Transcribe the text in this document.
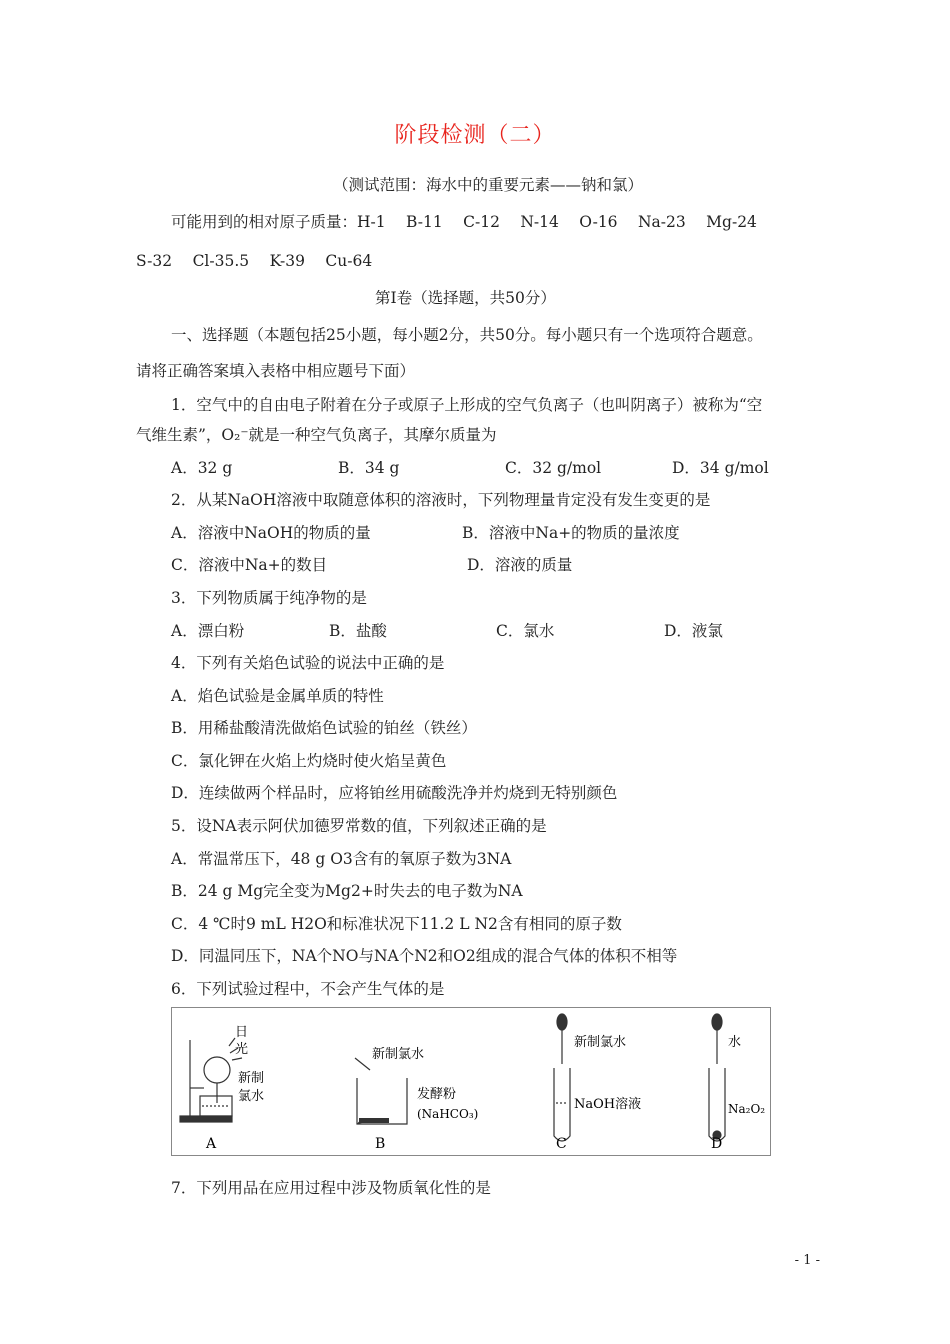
阶段检测（二）
（测试范围：海水中的重要元素——钠和氯）
可能用到的相对原子质量：H-1　 B-11　 C-12　 N-14　 O-16　 Na-23　 Mg-24
S-32　 Cl-35.5　 K-39　 Cu-64
第Ⅰ卷（选择题，共50分）
一、选择题（本题包括25小题，每小题2分，共50分。每小题只有一个选项符合题意。
请将正确答案填入表格中相应题号下面）
1．空气中的自由电子附着在分子或原子上形成的空气负离子（也叫阴离子）被称为“空
气维生素”，O₂⁻就是一种空气负离子，其摩尔质量为
A．32 g	B．34 g	C．32 g/mol	D．34 g/mol
2．从某NaOH溶液中取随意体积的溶液时，下列物理量肯定没有发生变更的是
A．溶液中NaOH的物质的量	B．溶液中Na+的物质的量浓度
C．溶液中Na+的数目	D．溶液的质量
3．下列物质属于纯净物的是
A．漂白粉	B．盐酸	C．氯水	D．液氯
4．下列有关焰色试验的说法中正确的是
A．焰色试验是金属单质的特性
B．用稀盐酸清洗做焰色试验的铂丝（铁丝）
C．氯化钾在火焰上灼烧时使火焰呈黄色
D．连续做两个样品时，应将铂丝用硫酸洗净并灼烧到无特别颜色
5．设NA表示阿伏加德罗常数的值，下列叙述正确的是
A．常温常压下，48 g O3含有的氧原子数为3NA
B．24 g Mg完全变为Mg2+时失去的电子数为NA
C．4 ℃时9 mL H2O和标准状况下11.2 L N2含有相同的原子数
D．同温同压下，NA个NO与NA个N2和O2组成的混合气体的体积不相等
6．下列试验过程中，不会产生气体的是
日
光
新制
氯水
A
新制氯水
发酵粉
(NaHCO₃)
B
新制氯水
NaOH溶液
C
水
Na₂O₂
D
7．下列用品在应用过程中涉及物质氧化性的是
- 1 -
